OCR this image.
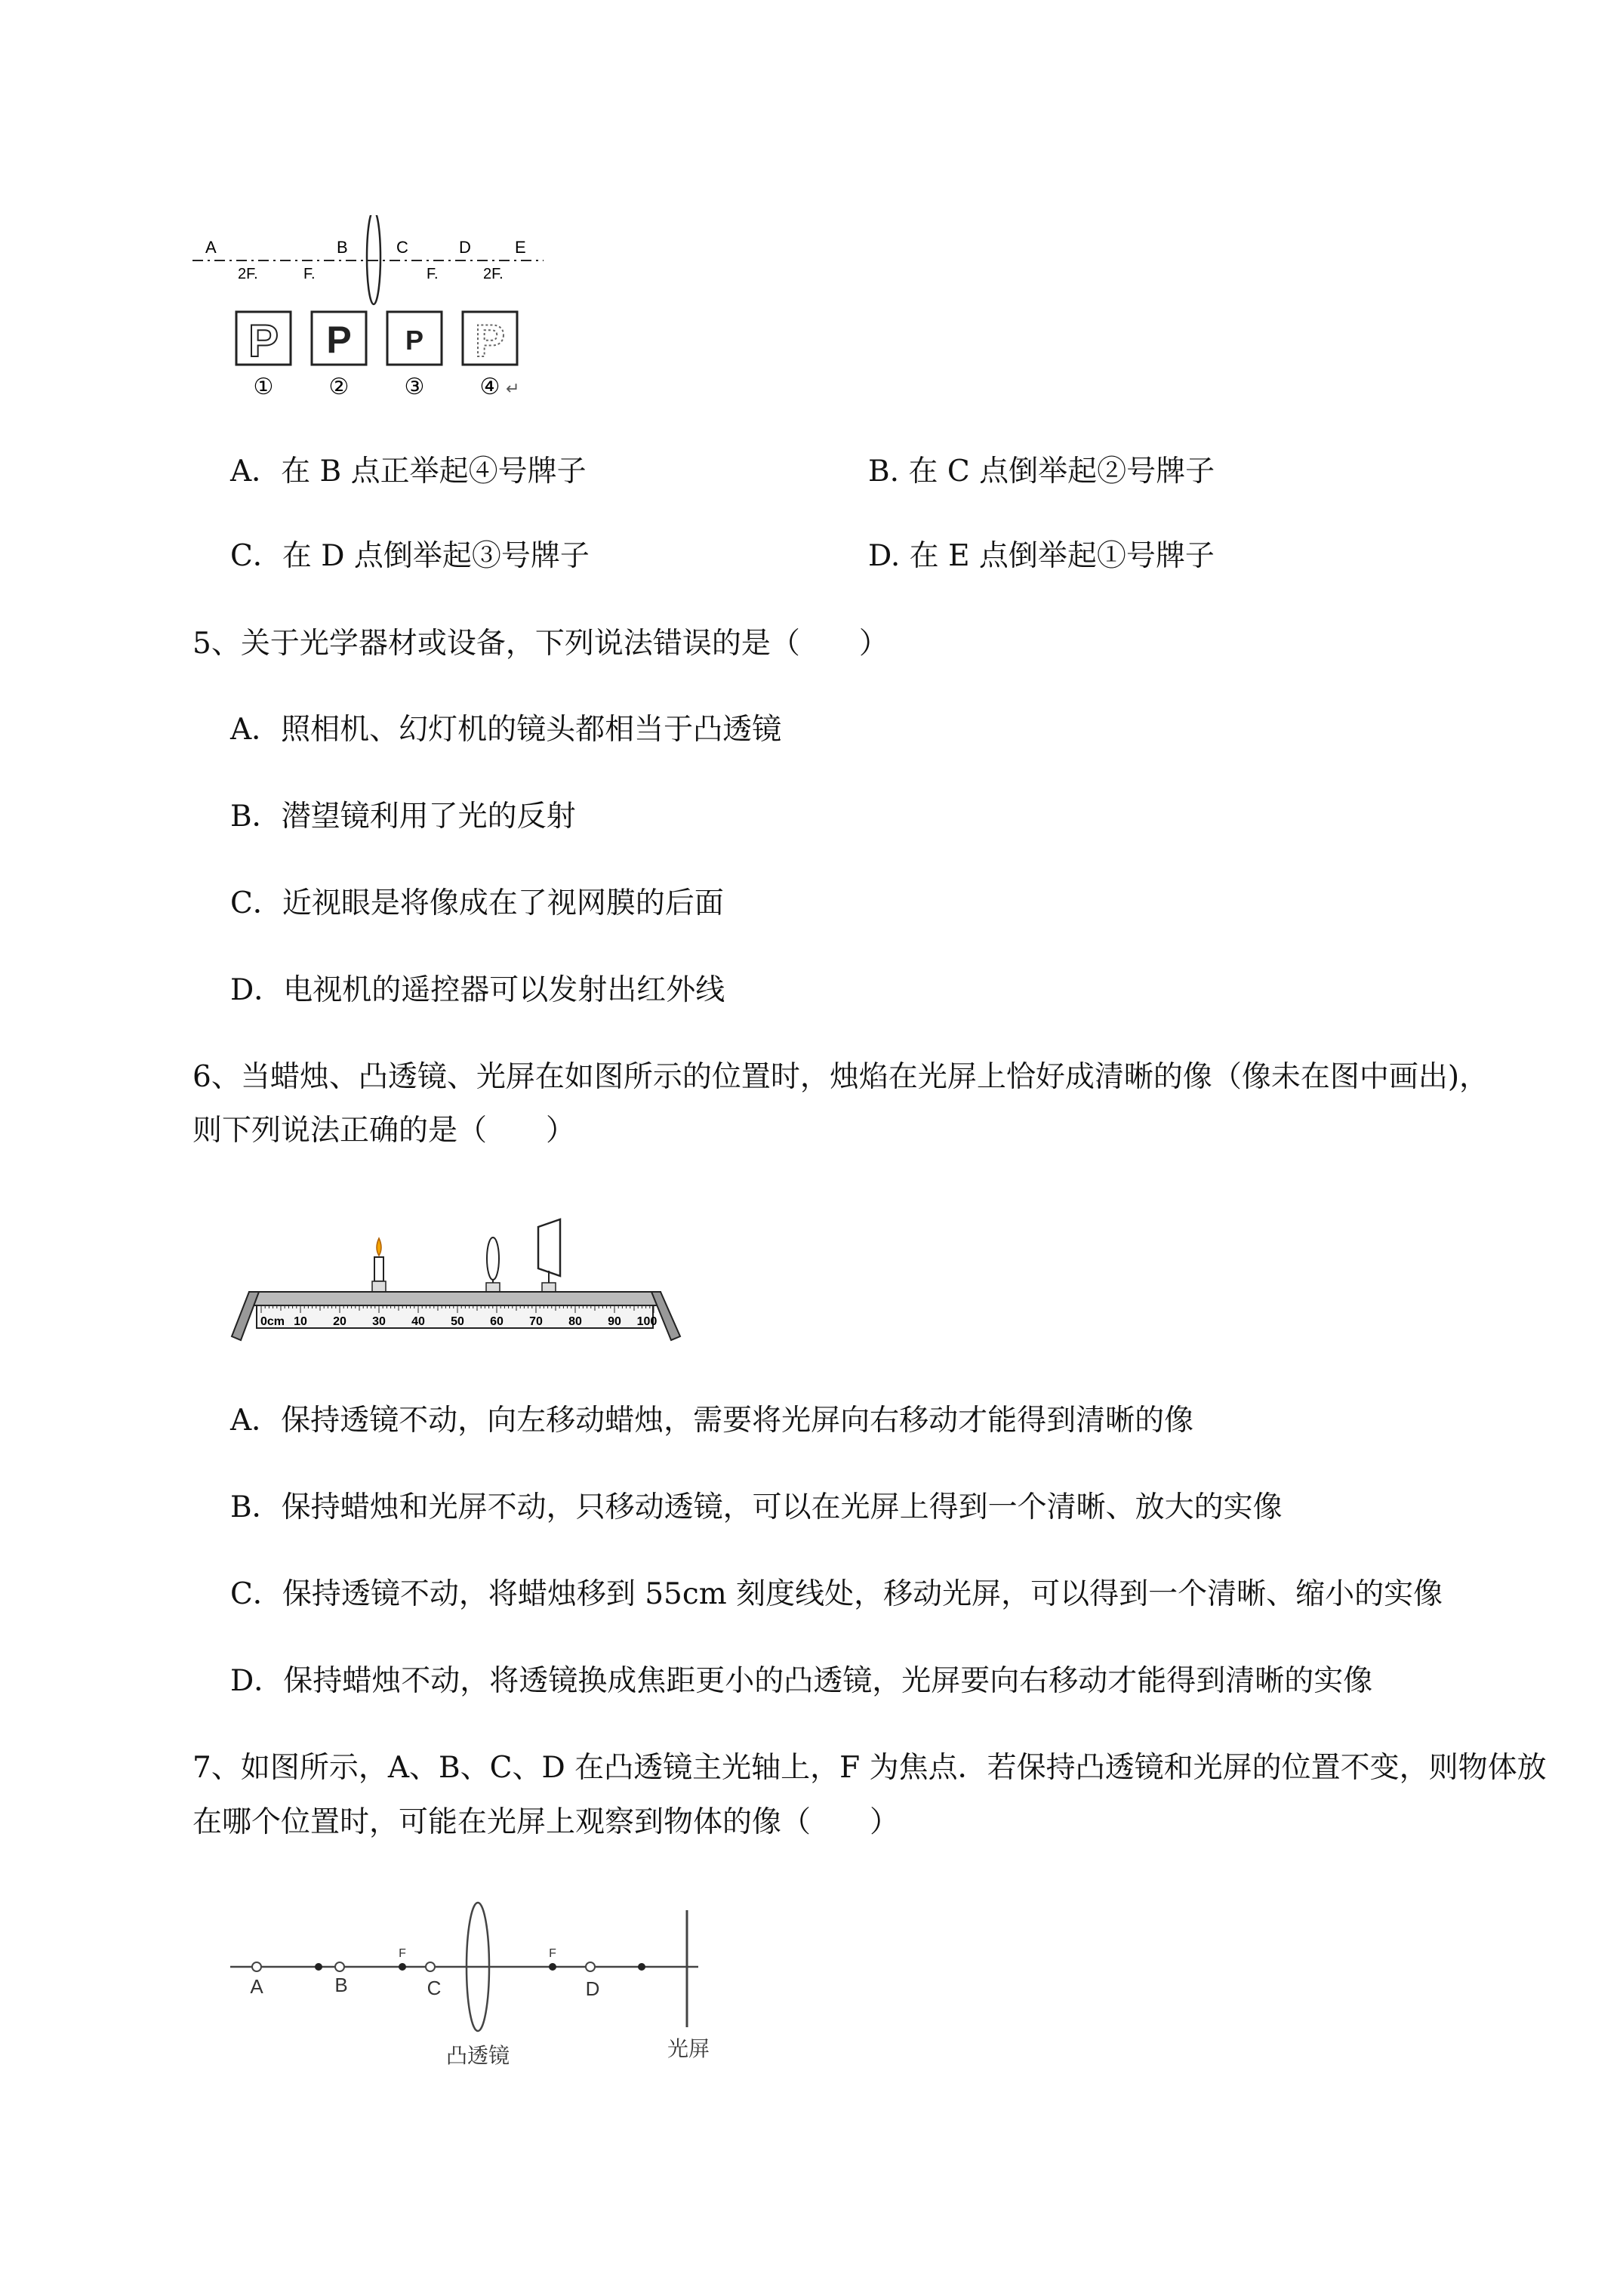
A	B	C	D	E
2F.	F.	F.	2F.
P P P P
① ② ③ ④ ↵
A．在 B 点正举起④号牌子	B. 在 C 点倒举起②号牌子
C．在 D 点倒举起③号牌子	D. 在 E 点倒举起①号牌子
5、关于光学器材或设备，下列说法错误的是（　　）
A．照相机、幻灯机的镜头都相当于凸透镜
B．潜望镜利用了光的反射
C．近视眼是将像成在了视网膜的后面
D．电视机的遥控器可以发射出红外线
6、当蜡烛、凸透镜、光屏在如图所示的位置时，烛焰在光屏上恰好成清晰的像（像未在图中画出)，
则下列说法正确的是（　　）
0cm 10 20 30 40 50 60 70 80 90 100
A．保持透镜不动，向左移动蜡烛，需要将光屏向右移动才能得到清晰的像
B．保持蜡烛和光屏不动，只移动透镜，可以在光屏上得到一个清晰、放大的实像
C．保持透镜不动，将蜡烛移到 55cm 刻度线处，移动光屏，可以得到一个清晰、缩小的实像
D．保持蜡烛不动，将透镜换成焦距更小的凸透镜，光屏要向右移动才能得到清晰的实像
7、如图所示，A、B、C、D 在凸透镜主光轴上，F 为焦点．若保持凸透镜和光屏的位置不变，则物体放
在哪个位置时，可能在光屏上观察到物体的像（　　）
F	F
A	B	C	D
凸透镜	光屏
